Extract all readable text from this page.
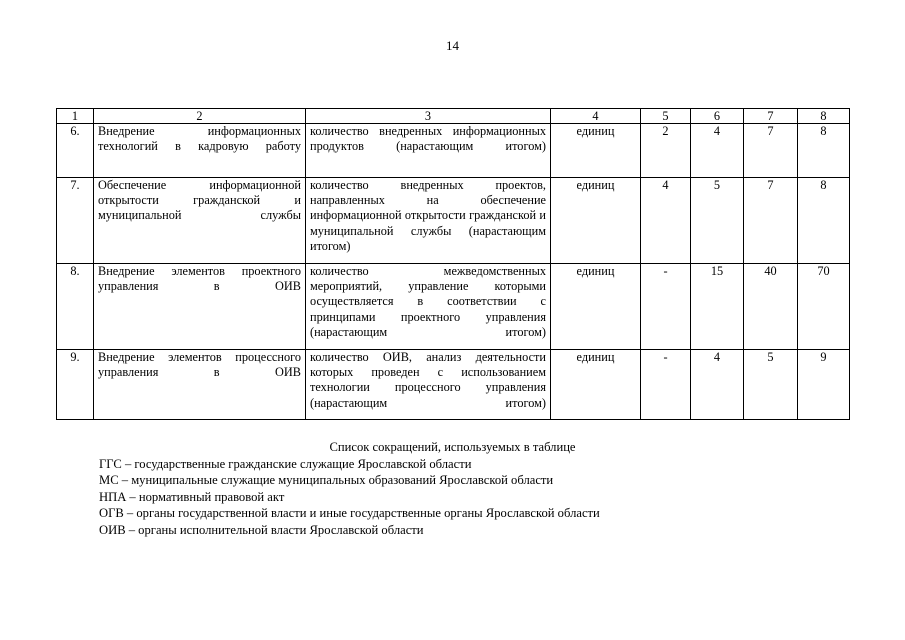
14
1	2	3	4	5	6	7	8
6.	Внедрение информационных технологий в кадровую работу	количество внедренных информационных продуктов (нарастающим итогом)	единиц	2	4	7	8
7.	Обеспечение информационной открытости гражданской и муниципальной службы	количество внедренных проектов, направленных на обеспечение информационной открытости гражданской и муниципальной службы (нарастающим итогом)	единиц	4	5	7	8
8.	Внедрение элементов проектного управления в ОИВ	количество межведомственных мероприятий, управление которыми осуществляется в соответствии с принципами проектного управления (нарастающим итогом)	единиц	-	15	40	70
9.	Внедрение элементов процессного управления в ОИВ	количество ОИВ, анализ деятельности которых проведен с использованием технологии процессного управления (нарастающим итогом)	единиц	-	4	5	9
Список сокращений, используемых в таблице
ГГС – государственные гражданские служащие Ярославской области
МС – муниципальные служащие муниципальных образований Ярославской области
НПА – нормативный правовой акт
ОГВ – органы государственной власти и иные государственные органы Ярославской области
ОИВ – органы исполнительной власти Ярославской области
